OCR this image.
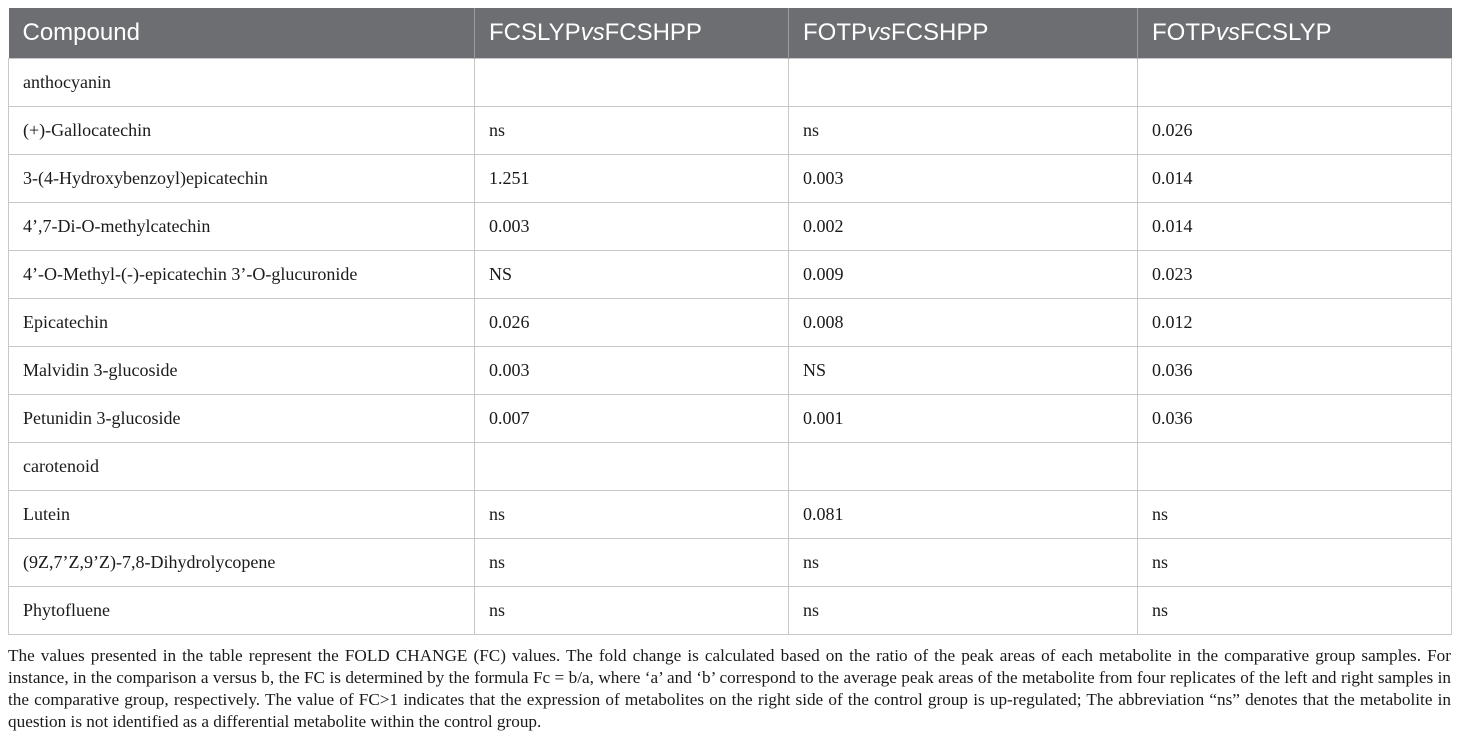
Compound	FCSLYPvsFCSHPP	FOTPvsFCSHPP	FOTPvsFCSLYP
anthocyanin			
(+)-Gallocatechin	ns	ns	0.026
3-(4-Hydroxybenzoyl)epicatechin	1.251	0.003	0.014
4’,7-Di-O-methylcatechin	0.003	0.002	0.014
4’-O-Methyl-(-)-epicatechin 3’-O-glucuronide	NS	0.009	0.023
Epicatechin	0.026	0.008	0.012
Malvidin 3-glucoside	0.003	NS	0.036
Petunidin 3-glucoside	0.007	0.001	0.036
carotenoid			
Lutein	ns	0.081	ns
(9Z,7’Z,9’Z)-7,8-Dihydrolycopene	ns	ns	ns
Phytofluene	ns	ns	ns

The values presented in the table represent the FOLD CHANGE (FC) values. The fold change is calculated based on the ratio of the peak areas of each metabolite in the comparative group samples. For instance, in the comparison a versus b, the FC is determined by the formula Fc = b/a, where ‘a’ and ‘b’ correspond to the average peak areas of the metabolite from four replicates of the left and right samples in the comparative group, respectively. The value of FC>1 indicates that the expression of metabolites on the right side of the control group is up-regulated; The abbreviation “ns” denotes that the metabolite in question is not identified as a differential metabolite within the control group.
